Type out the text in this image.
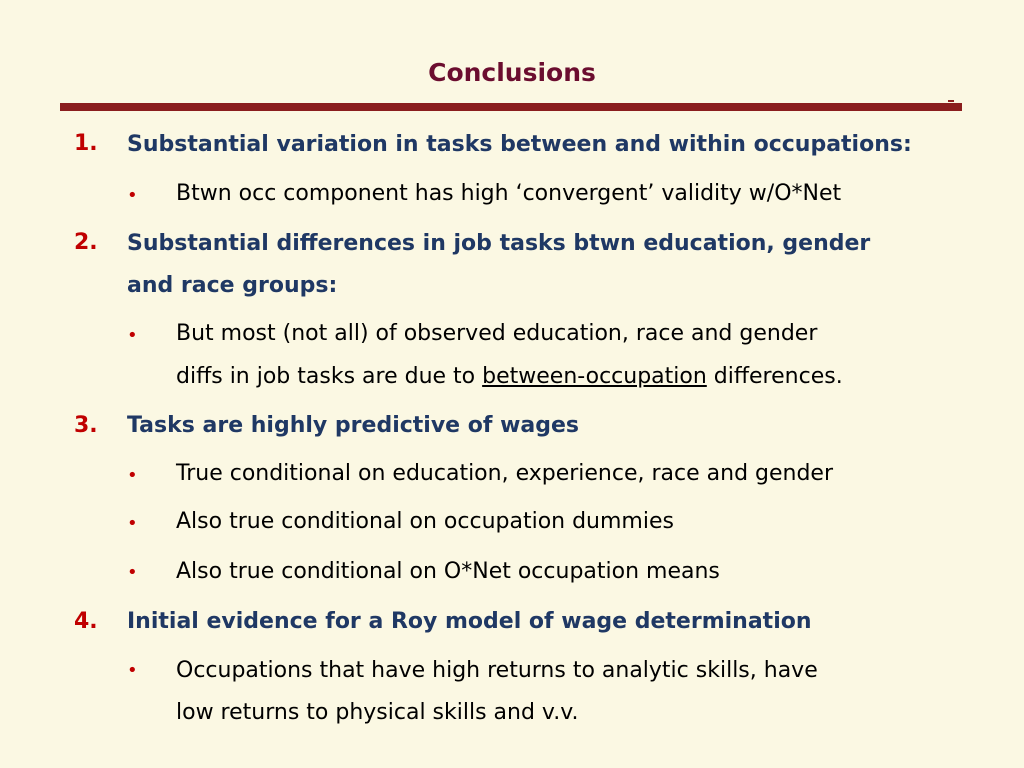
Conclusions
1. Substantial variation in tasks between and within occupations:
• Btwn occ component has high ‘convergent’ validity w/O*Net
2. Substantial differences in job tasks btwn education, gender
and race groups:
• But most (not all) of observed education, race and gender
diffs in job tasks are due to between-occupation differences.
3. Tasks are highly predictive of wages
• True conditional on education, experience, race and gender
• Also true conditional on occupation dummies
• Also true conditional on O*Net occupation means
4. Initial evidence for a Roy model of wage determination
• Occupations that have high returns to analytic skills, have
low returns to physical skills and v.v.
